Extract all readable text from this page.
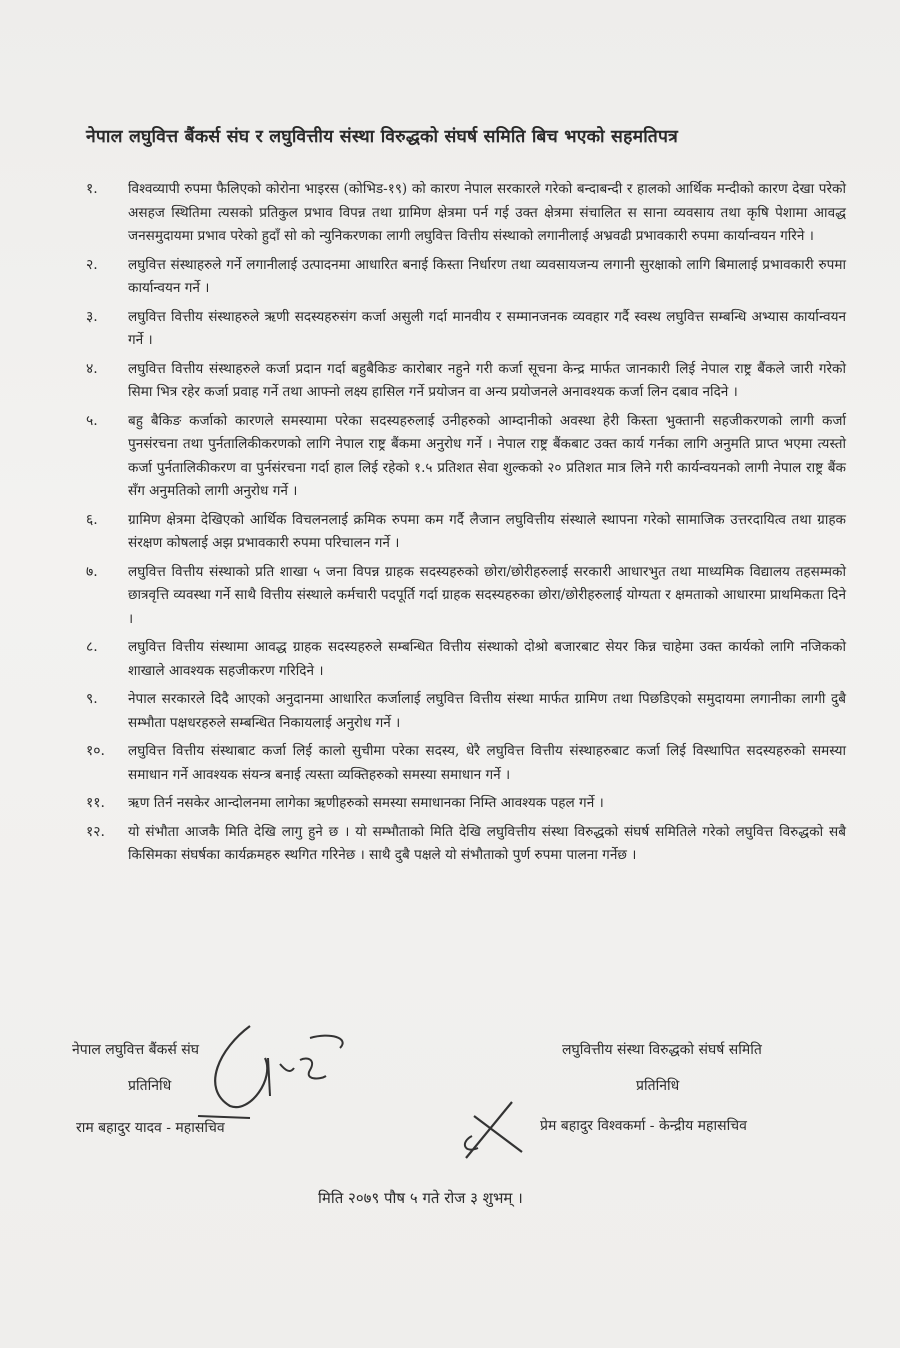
नेपाल लघुवित्त बैंकर्स संघ र लघुवित्तीय संस्था विरुद्धको संघर्ष समिति बिच भएको सहमतिपत्र
१.	विश्वव्यापी रुपमा फैलिएको कोरोना भाइरस (कोभिड-१९) को कारण नेपाल सरकारले गरेको बन्दाबन्दी र हालको आर्थिक मन्दीको कारण देखा परेको असहज स्थितिमा त्यसको प्रतिकुल प्रभाव विपन्न तथा ग्रामिण क्षेत्रमा पर्न गई उक्त क्षेत्रमा संचालित स साना व्यवसाय तथा कृषि पेशामा आवद्ध जनसमुदायमा प्रभाव परेको हुदाँ सो को न्युनिकरणका लागी लघुवित्त वित्तीय संस्थाको लगानीलाई अभ्रवढी प्रभावकारी रुपमा कार्यान्वयन गरिने ।
२.	लघुवित्त संस्थाहरुले गर्ने लगानीलाई उत्पादनमा आधारित बनाई किस्ता निर्धारण तथा व्यवसायजन्य लगानी सुरक्षाको लागि बिमालाई प्रभावकारी रुपमा कार्यान्वयन गर्ने ।
३.	लघुवित्त वित्तीय संस्थाहरुले ऋणी सदस्यहरुसंग कर्जा असुली गर्दा मानवीय र सम्मानजनक व्यवहार गर्दै स्वस्थ लघुवित्त सम्बन्धि अभ्यास कार्यान्वयन गर्ने ।
४.	लघुवित्त वित्तीय संस्थाहरुले कर्जा प्रदान गर्दा बहुबैकिङ कारोबार नहुने गरी कर्जा सूचना केन्द्र मार्फत जानकारी लिई नेपाल राष्ट्र बैंकले जारी गरेको सिमा भित्र रहेर कर्जा प्रवाह गर्ने तथा आफ्नो लक्ष्य हासिल गर्ने प्रयोजन वा अन्य प्रयोजनले अनावश्यक कर्जा लिन दबाव नदिने ।
५.	बहु बैकिङ कर्जाको कारणले समस्यामा परेका सदस्यहरुलाई उनीहरुको आम्दानीको अवस्था हेरी किस्ता भुक्तानी सहजीकरणको लागी कर्जा पुनसंरचना तथा पुर्नतालिकीकरणको लागि नेपाल राष्ट्र बैंकमा अनुरोध गर्ने । नेपाल राष्ट्र बैंकबाट उक्त कार्य गर्नका लागि अनुमति प्राप्त भएमा त्यस्तो कर्जा पुर्नतालिकीकरण वा पुर्नसंरचना गर्दा हाल लिई रहेको १.५ प्रतिशत सेवा शुल्कको २० प्रतिशत मात्र लिने गरी कार्यन्वयनको लागी नेपाल राष्ट्र बैंक सँग अनुमतिको लागी अनुरोध गर्ने ।
६.	ग्रामिण क्षेत्रमा देखिएको आर्थिक विचलनलाई क्रमिक रुपमा कम गर्दै लैजान लघुवित्तीय संस्थाले स्थापना गरेको सामाजिक उत्तरदायित्व तथा ग्राहक संरक्षण कोषलाई अझ प्रभावकारी रुपमा परिचालन गर्ने ।
७.	लघुवित्त वित्तीय संस्थाको प्रति शाखा ५ जना विपन्न ग्राहक सदस्यहरुको छोरा/छोरीहरुलाई सरकारी आधारभुत तथा माध्यमिक विद्यालय तहसम्मको छात्रवृत्ति व्यवस्था गर्ने साथै वित्तीय संस्थाले कर्मचारी पदपूर्ति गर्दा ग्राहक सदस्यहरुका छोरा/छोरीहरुलाई योग्यता र क्षमताको आधारमा प्राथमिकता दिने ।
८.	लघुवित्त वित्तीय संस्थामा आवद्ध ग्राहक सदस्यहरुले सम्बन्धित वित्तीय संस्थाको दोश्रो बजारबाट सेयर किन्न चाहेमा उक्त कार्यको लागि नजिकको शाखाले आवश्यक सहजीकरण गरिदिने ।
९.	नेपाल सरकारले दिदै आएको अनुदानमा आधारित कर्जालाई लघुवित्त वित्तीय संस्था मार्फत ग्रामिण तथा पिछडिएको समुदायमा लगानीका लागी दुबै सम्भौता पक्षधरहरुले सम्बन्धित निकायलाई अनुरोध गर्ने ।
१०.	लघुवित्त वित्तीय संस्थाबाट कर्जा लिई कालो सुचीमा परेका सदस्य, धेरै लघुवित्त वित्तीय संस्थाहरुबाट कर्जा लिई विस्थापित सदस्यहरुको समस्या समाधान गर्ने आवश्यक संयन्त्र बनाई त्यस्ता व्यक्तिहरुको समस्या समाधान गर्ने ।
११.	ऋण तिर्न नसकेर आन्दोलनमा लागेका ऋणीहरुको समस्या समाधानका निम्ति आवश्यक पहल गर्ने ।
१२.	यो संभौता आजकै मिति देखि लागु हुने छ । यो सम्भौताको मिति देखि लघुवित्तीय संस्था विरुद्धको संघर्ष समितिले गरेको लघुवित्त विरुद्धको सबै किसिमका संघर्षका कार्यक्रमहरु स्थगित गरिनेछ । साथै दुबै पक्षले यो संभौताको पुर्ण रुपमा पालना गर्नेछ ।
नेपाल लघुवित्त बैंकर्स संघ
प्रतिनिधि
राम बहादुर यादव - महासचिव
लघुवित्तीय संस्था विरुद्धको संघर्ष समिति
प्रतिनिधि
प्रेम बहादुर विश्वकर्मा - केन्द्रीय महासचिव
मिति २०७९ पौष ५ गते रोज ३ शुभम् ।
